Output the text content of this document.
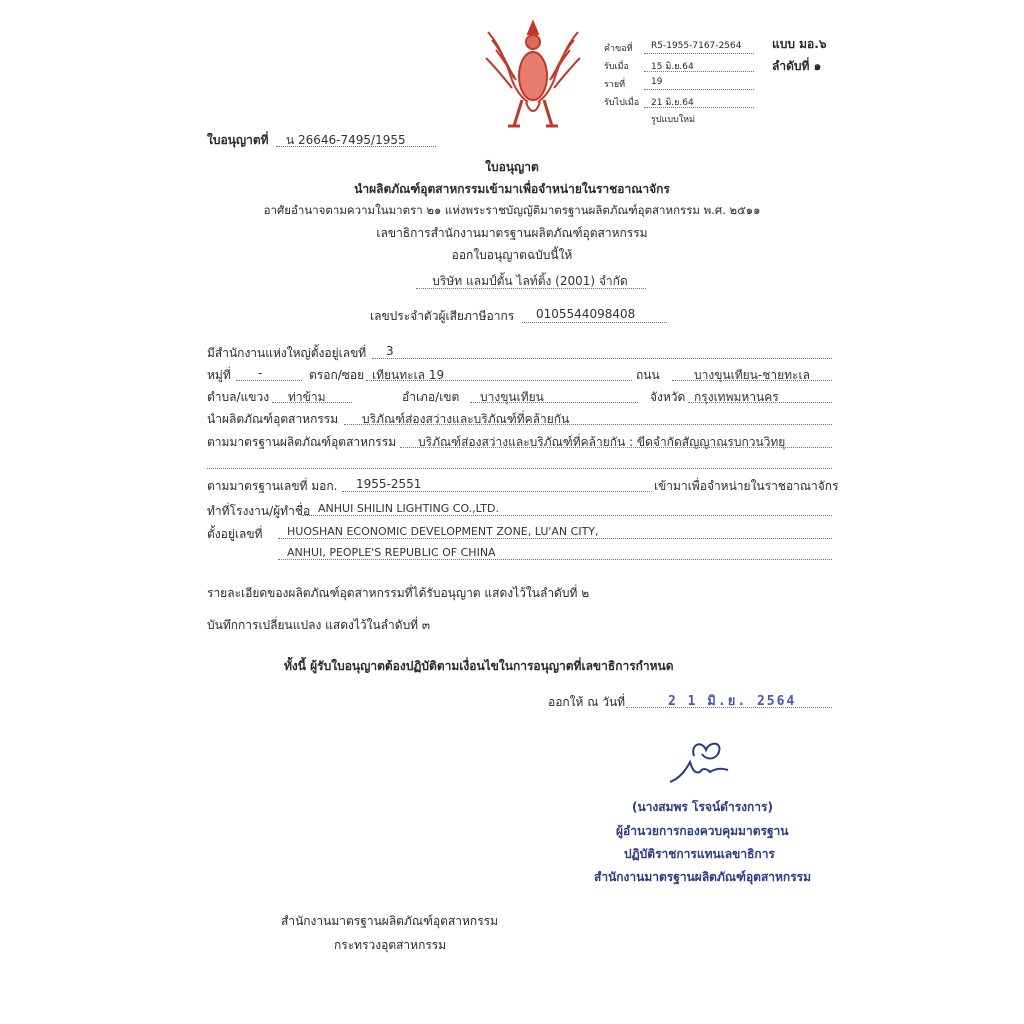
คำขอที่ R5-1955-7167-2564
รับเมื่อ 15 มิ.ย.64
รายที่	19
รับไปเมื่อ 21 มิ.ย.64
รูปแบบใหม่
แบบ มอ.๖
ลำดับที่ ๑
ใบอนุญาตที่ น 26646-7495/1955
ใบอนุญาต
นำผลิตภัณฑ์อุตสาหกรรมเข้ามาเพื่อจำหน่ายในราชอาณาจักร
อาศัยอำนาจตามความในมาตรา ๒๑ แห่งพระราชบัญญัติมาตรฐานผลิตภัณฑ์อุตสาหกรรม พ.ศ. ๒๕๑๑
เลขาธิการสำนักงานมาตรฐานผลิตภัณฑ์อุตสาหกรรม
ออกใบอนุญาตฉบับนี้ให้
บริษัท แลมป์ตั้น ไลท์ติ้ง (2001) จำกัด
เลขประจำตัวผู้เสียภาษีอากร 0105544098408
มีสำนักงานแห่งใหญ่ตั้งอยู่เลขที่ 3
หมู่ที่ -	ตรอก/ซอย เทียนทะเล 19	ถนน	บางขุนเทียน-ชายทะเล
ตำบล/แขวง ท่าข้าม	อำเภอ/เขต บางขุนเทียน	จังหวัด กรุงเทพมหานคร
นำผลิตภัณฑ์อุตสาหกรรม บริภัณฑ์ส่องสว่างและบริภัณฑ์ที่คล้ายกัน
ตามมาตรฐานผลิตภัณฑ์อุตสาหกรรม บริภัณฑ์ส่องสว่างและบริภัณฑ์ที่คล้ายกัน : ขีดจำกัดสัญญาณรบกวนวิทยุ
ตามมาตรฐานเลขที่ มอก. 1955-2551	เข้ามาเพื่อจำหน่ายในราชอาณาจักร
ทำที่โรงงาน/ผู้ทำชื่อ ANHUI SHILIN LIGHTING CO.,LTD.
ตั้งอยู่เลขที่ HUOSHAN ECONOMIC DEVELOPMENT ZONE, LU'AN CITY,
ANHUI, PEOPLE'S REPUBLIC OF CHINA
รายละเอียดของผลิตภัณฑ์อุตสาหกรรมที่ได้รับอนุญาต แสดงไว้ในลำดับที่ ๒
บันทึกการเปลี่ยนแปลง แสดงไว้ในลำดับที่ ๓
ทั้งนี้ ผู้รับใบอนุญาตต้องปฏิบัติตามเงื่อนไขในการอนุญาตที่เลขาธิการกำหนด
ออกให้ ณ วันที่	2 1 มิ.ย. 2564
(นางสมพร โรจน์ดำรงการ)
ผู้อำนวยการกองควบคุมมาตรฐาน
ปฏิบัติราชการแทนเลขาธิการ
สำนักงานมาตรฐานผลิตภัณฑ์อุตสาหกรรม
สำนักงานมาตรฐานผลิตภัณฑ์อุตสาหกรรม
กระทรวงอุตสาหกรรม
